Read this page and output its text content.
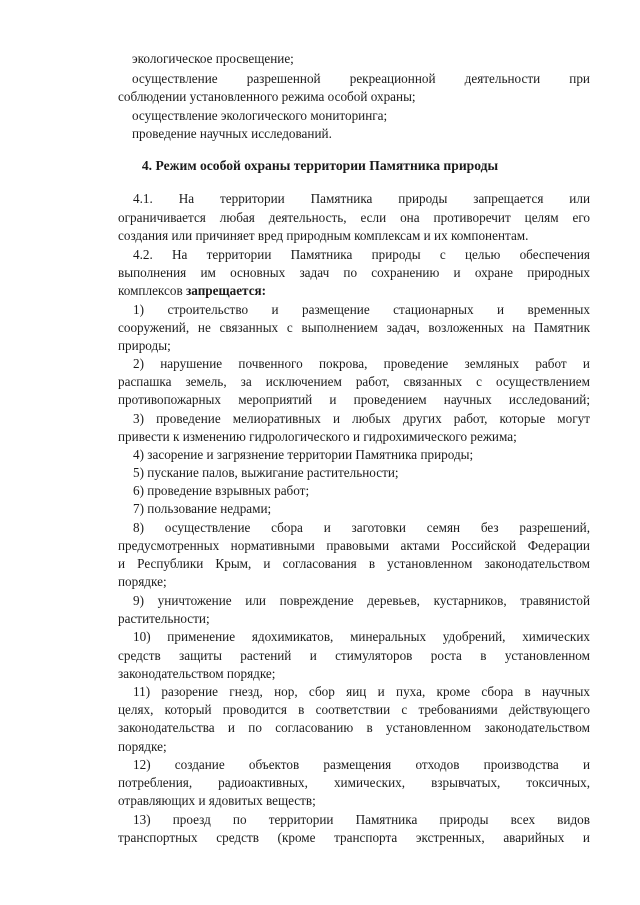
экологическое просвещение;
осуществление разрешенной рекреационной деятельности при
соблюдении установленного режима особой охраны;
осуществление экологического мониторинга;
проведение научных исследований.
4. Режим особой охраны территории Памятника природы
4.1. На территории Памятника природы запрещается или
ограничивается любая деятельность, если она противоречит целям его
создания или причиняет вред природным комплексам и их компонентам.
4.2. На территории Памятника природы с целью обеспечения
выполнения им основных задач по сохранению и охране природных
комплексов запрещается:
1) строительство и размещение стационарных и временных
сооружений, не связанных с выполнением задач, возложенных на Памятник
природы;
2) нарушение почвенного покрова, проведение земляных работ и
распашка земель, за исключением работ, связанных с осуществлением
противопожарных мероприятий и проведением научных исследований;
3) проведение мелиоративных и любых других работ, которые могут
привести к изменению гидрологического и гидрохимического режима;
4) засорение и загрязнение территории Памятника природы;
5) пускание палов, выжигание растительности;
6) проведение взрывных работ;
7) пользование недрами;
8) осуществление сбора и заготовки семян без разрешений,
предусмотренных нормативными правовыми актами Российской Федерации
и Республики Крым, и согласования в установленном законодательством
порядке;
9) уничтожение или повреждение деревьев, кустарников, травянистой
растительности;
10) применение ядохимикатов, минеральных удобрений, химических
средств защиты растений и стимуляторов роста в установленном
законодательством порядке;
11) разорение гнезд, нор, сбор яиц и пуха, кроме сбора в научных
целях, который проводится в соответствии с требованиями действующего
законодательства и по согласованию в установленном законодательством
порядке;
12) создание объектов размещения отходов производства и
потребления, радиоактивных, химических, взрывчатых, токсичных,
отравляющих и ядовитых веществ;
13) проезд по территории Памятника природы всех видов
транспортных средств (кроме транспорта экстренных, аварийных и
